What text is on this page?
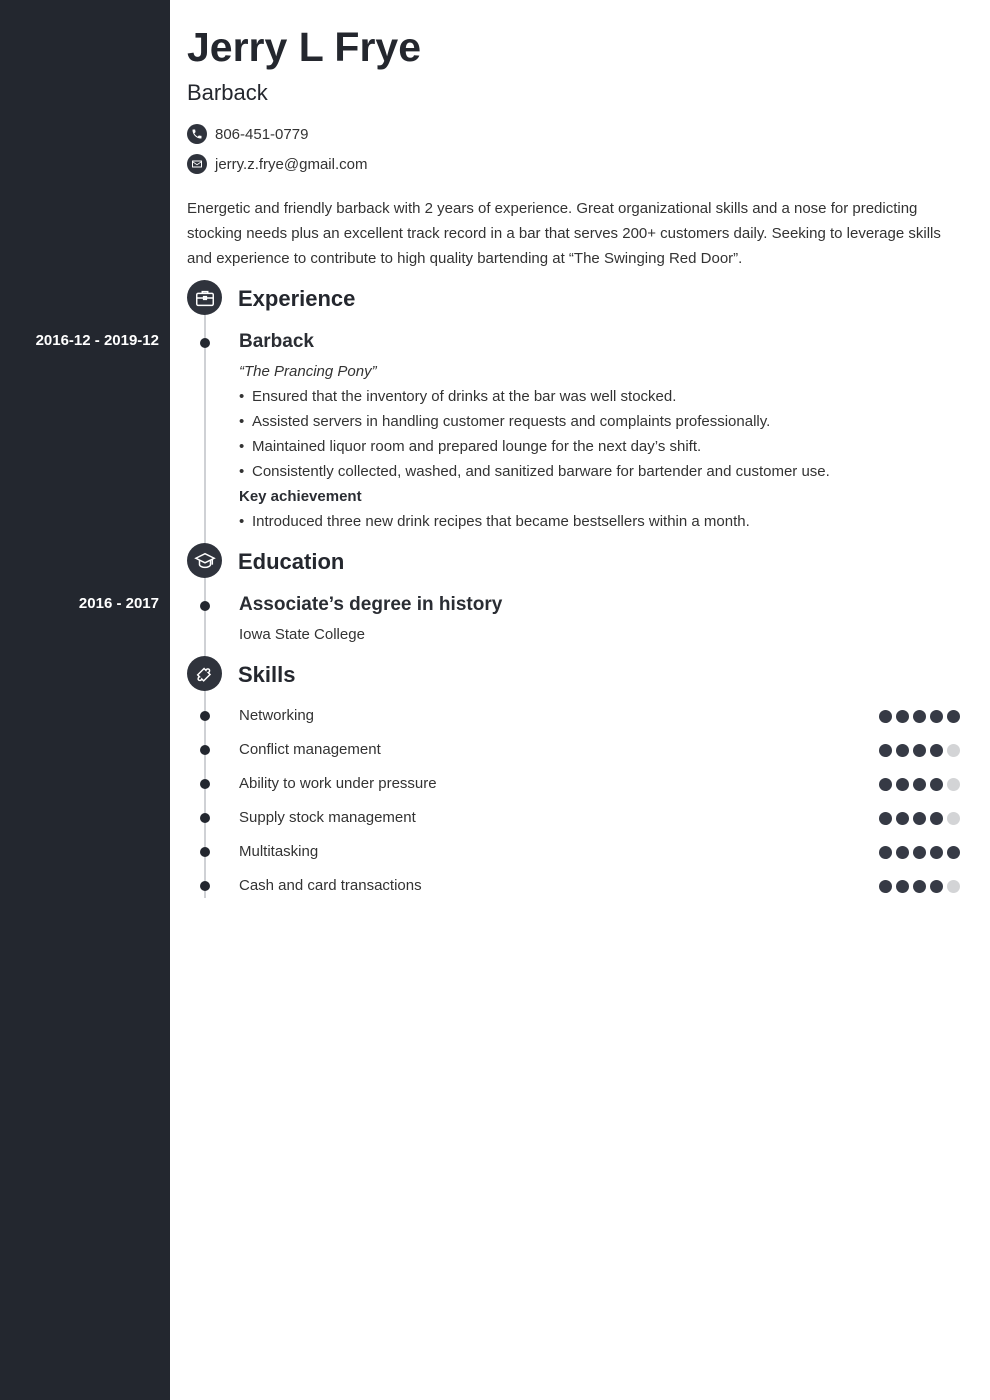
Jerry L Frye
Barback
806-451-0779
jerry.z.frye@gmail.com
Energetic and friendly barback with 2 years of experience. Great organizational skills and a nose for predicting stocking needs plus an excellent track record in a bar that serves 200+ customers daily. Seeking to leverage skills and experience to contribute to high quality bartending at “The Swinging Red Door”.
Experience
2016-12 - 2019-12	Barback
“The Prancing Pony”
• Ensured that the inventory of drinks at the bar was well stocked.
• Assisted servers in handling customer requests and complaints professionally.
• Maintained liquor room and prepared lounge for the next day’s shift.
• Consistently collected, washed, and sanitized barware for bartender and customer use.
Key achievement
• Introduced three new drink recipes that became bestsellers within a month.
Education
2016 - 2017	Associate’s degree in history
Iowa State College
Skills
Networking
Conflict management
Ability to work under pressure
Supply stock management
Multitasking
Cash and card transactions
